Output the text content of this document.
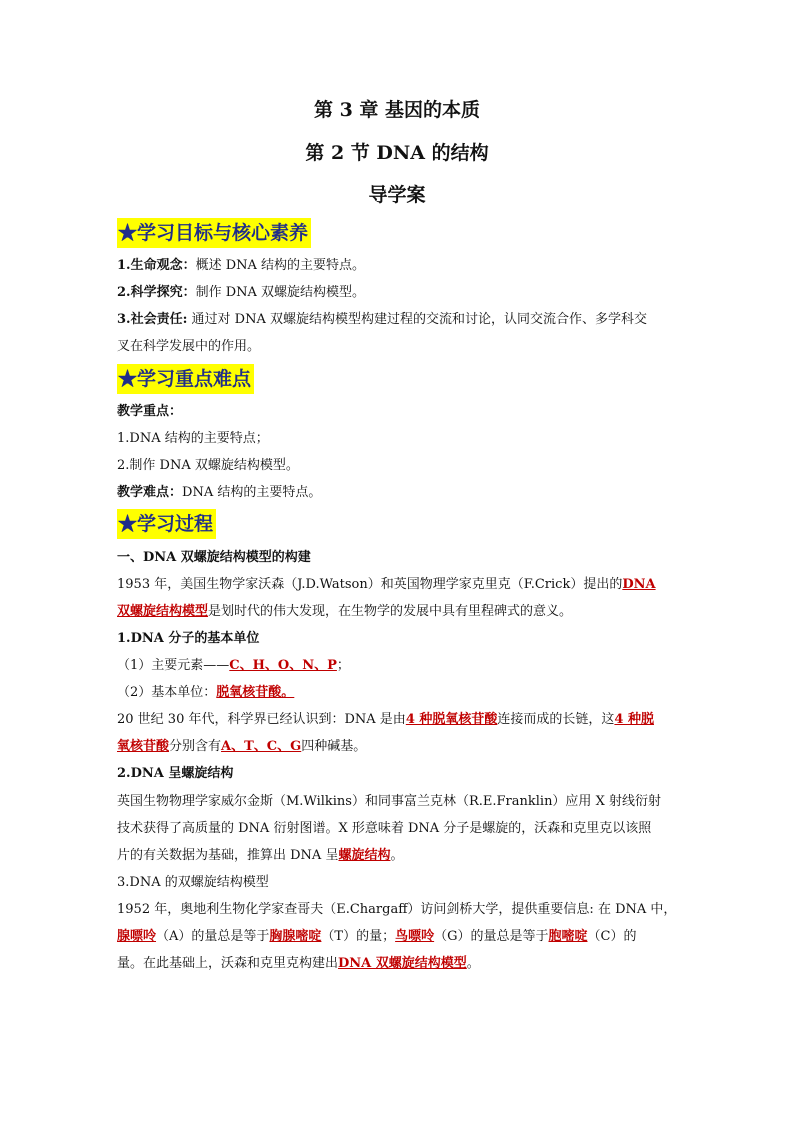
第 3 章 基因的本质
第 2 节 DNA 的结构
导学案
★学习目标与核心素养
1.生命观念：概述 DNA 结构的主要特点。
2.科学探究：制作 DNA 双螺旋结构模型。
3.社会责任: 通过对 DNA 双螺旋结构模型构建过程的交流和讨论，认同交流合作、多学科交
叉在科学发展中的作用。
★学习重点难点
教学重点：
1.DNA 结构的主要特点；
2.制作 DNA 双螺旋结构模型。
教学难点：DNA 结构的主要特点。
★学习过程
一、DNA 双螺旋结构模型的构建
1953 年，美国生物学家沃森（J.D.Watson）和英国物理学家克里克（F.Crick）提出的DNA
双螺旋结构模型是划时代的伟大发现，在生物学的发展中具有里程碑式的意义。
1.DNA 分子的基本单位
（1）主要元素——C、H、O、N、P；
（2）基本单位：脱氧核苷酸。
20 世纪 30 年代，科学界已经认识到：DNA 是由4 种脱氧核苷酸连接而成的长链，这4 种脱
氧核苷酸分别含有A、T、C、G四种碱基。
2.DNA 呈螺旋结构
英国生物物理学家威尔金斯（M.Wilkins）和同事富兰克林（R.E.Franklin）应用 X 射线衍射
技术获得了高质量的 DNA 衍射图谱。X 形意味着 DNA 分子是螺旋的，沃森和克里克以该照
片的有关数据为基础，推算出 DNA 呈螺旋结构。
3.DNA 的双螺旋结构模型
1952 年，奥地利生物化学家查哥夫（E.Chargaff）访问剑桥大学，提供重要信息: 在 DNA 中，
腺嘌呤（A）的量总是等于胸腺嘧啶（T）的量；鸟嘌呤（G）的量总是等于胞嘧啶（C）的
量。在此基础上，沃森和克里克构建出DNA 双螺旋结构模型。
